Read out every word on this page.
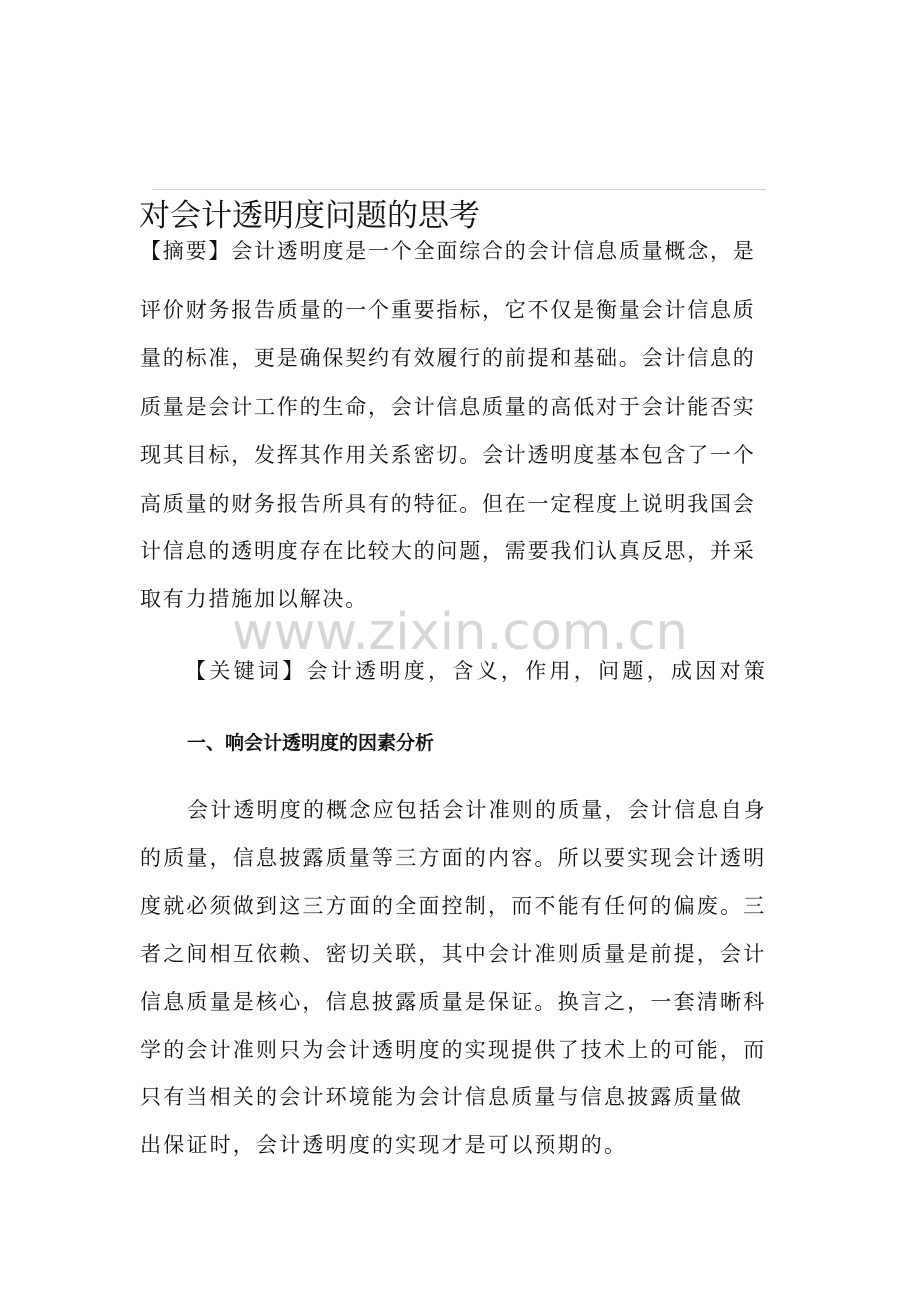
对会计透明度问题的思考
【摘要】会计透明度是一个全面综合的会计信息质量概念，是
评价财务报告质量的一个重要指标，它不仅是衡量会计信息质
量的标准，更是确保契约有效履行的前提和基础。会计信息的
质量是会计工作的生命，会计信息质量的高低对于会计能否实
现其目标，发挥其作用关系密切。会计透明度基本包含了一个
高质量的财务报告所具有的特征。但在一定程度上说明我国会
计信息的透明度存在比较大的问题，需要我们认真反思，并采
取有力措施加以解决。
www.zixin.com.cn
【关键词】会计透明度，含义，作用，问题，成因对策
一、响会计透明度的因素分析
会计透明度的概念应包括会计准则的质量，会计信息自身
的质量，信息披露质量等三方面的内容。所以要实现会计透明
度就必须做到这三方面的全面控制，而不能有任何的偏废。三
者之间相互依赖、密切关联，其中会计准则质量是前提，会计
信息质量是核心，信息披露质量是保证。换言之，一套清晰科
学的会计准则只为会计透明度的实现提供了技术上的可能，而
只有当相关的会计环境能为会计信息质量与信息披露质量做
出保证时，会计透明度的实现才是可以预期的。
